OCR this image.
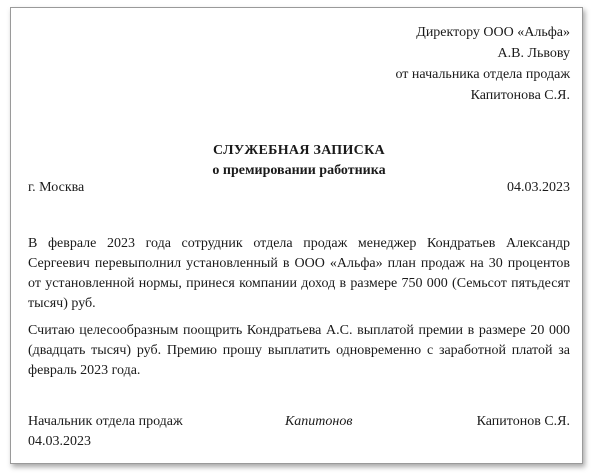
Директору ООО «Альфа»
А.В. Львову
от начальника отдела продаж
Капитонова С.Я.
СЛУЖЕБНАЯ ЗАПИСКА
о премировании работника
г. Москва	04.03.2023

В феврале 2023 года сотрудник отдела продаж менеджер Кондратьев Александр Сергеевич перевыполнил установленный в ООО «Альфа» план продаж на 30 процентов от установленной нормы, принеся компании доход в размере 750 000 (Семьсот пятьдесят тысяч) руб.

Считаю целесообразным поощрить Кондратьева А.С. выплатой премии в размере 20 000 (двадцать тысяч) руб. Премию прошу выплатить одновременно с заработной платой за февраль 2023 года.

Начальник отдела продаж	Капитонов	Капитонов С.Я.
04.03.2023
